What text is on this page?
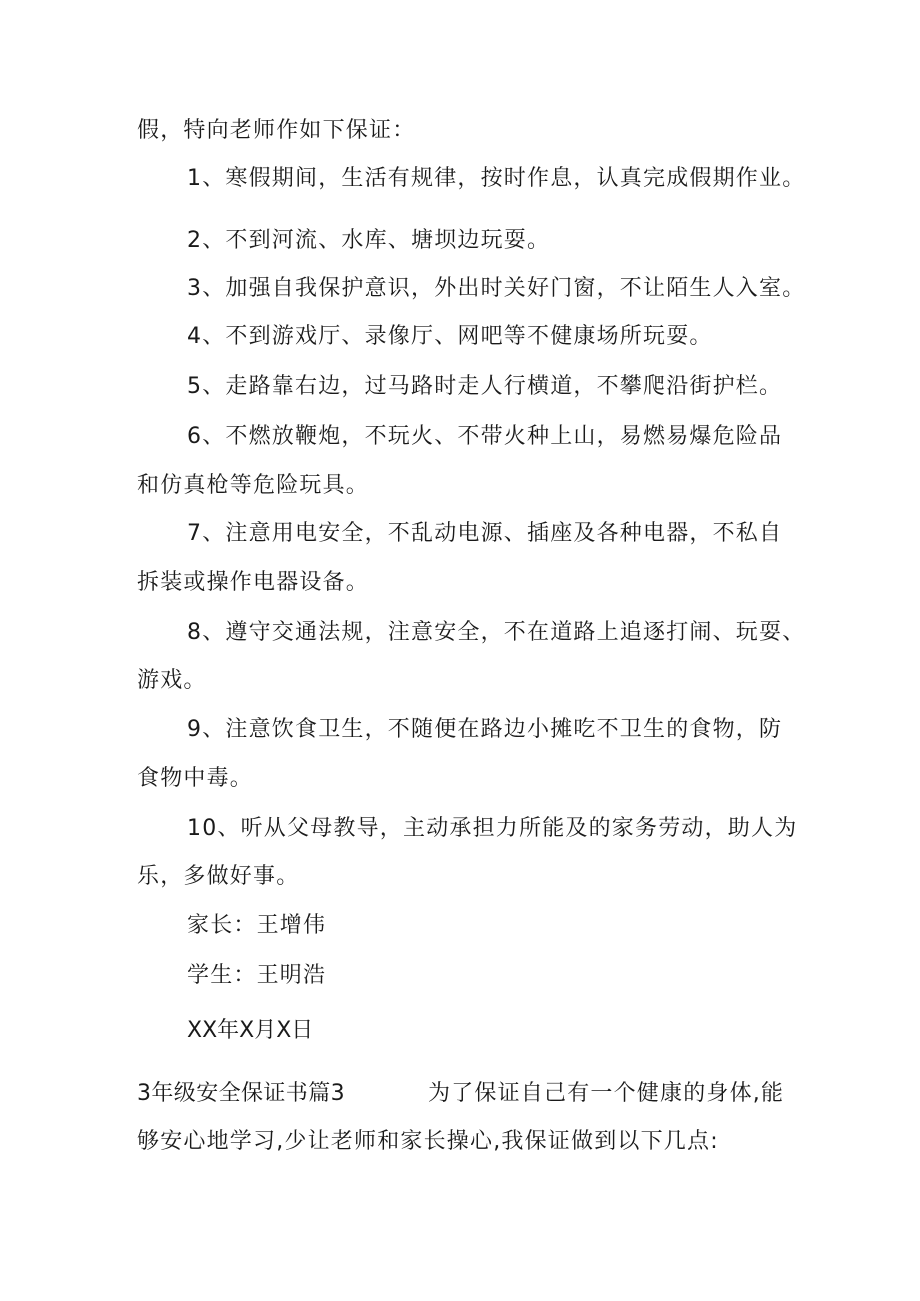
假，特向老师作如下保证：
1、寒假期间，生活有规律，按时作息，认真完成假期作业。
2、不到河流、水库、塘坝边玩耍。
3、加强自我保护意识，外出时关好门窗，不让陌生人入室。
4、不到游戏厅、录像厅、网吧等不健康场所玩耍。
5、走路靠右边，过马路时走人行横道，不攀爬沿街护栏。
6、不燃放鞭炮，不玩火、不带火种上山，易燃易爆危险品
和仿真枪等危险玩具。
7、注意用电安全，不乱动电源、插座及各种电器，不私自
拆装或操作电器设备。
8、遵守交通法规，注意安全，不在道路上追逐打闹、玩耍、
游戏。
9、注意饮食卫生，不随便在路边小摊吃不卫生的食物，防
食物中毒。
10、听从父母教导，主动承担力所能及的家务劳动，助人为
乐，多做好事。
家长：王增伟
学生：王明浩
XX年X月X日
3年级安全保证书篇3	为了保证自己有一个健康的身体,能
够安心地学习,少让老师和家长操心,我保证做到以下几点:
